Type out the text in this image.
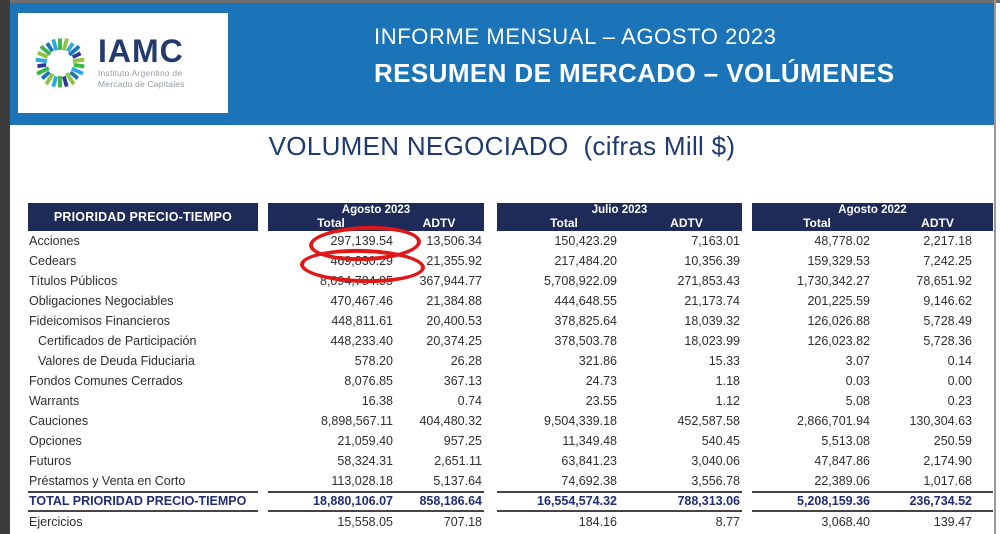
IAMC
Instituto Argentino de
Mercado de Capitales
INFORME MENSUAL – AGOSTO 2023
RESUMEN DE MERCADO – VOLÚMENES
VOLUMEN NEGOCIADO  (cifras Mill $)
PRIORIDAD PRECIO-TIEMPO	Agosto 2023
Total	ADTV
Julio 2023
Total	ADTV
Agosto 2022
Total	ADTV
Acciones	297,139.54	13,506.34	150,423.29	7,163.01	48,778.02	2,217.18
Cedears	469,830.29	21,355.92	217,484.20	10,356.39	159,329.53	7,242.25
Títulos Públicos	8,094,784.95	367,944.77	5,708,922.09	271,853.43	1,730,342.27	78,651.92
Obligaciones Negociables	470,467.46	21,384.88	444,648.55	21,173.74	201,225.59	9,146.62
Fideicomisos Financieros	448,811.61	20,400.53	378,825.64	18,039.32	126,026.88	5,728.49
Certificados de Participación	448,233.40	20,374.25	378,503.78	18,023.99	126,023.82	5,728.36
Valores de Deuda Fiduciaria	578.20	26.28	321.86	15.33	3.07	0.14
Fondos Comunes Cerrados	8,076.85	367.13	24.73	1.18	0.03	0.00
Warrants	16.38	0.74	23.55	1.12	5.08	0.23
Cauciones	8,898,567.11	404,480.32	9,504,339.18	452,587.58	2,866,701.94	130,304.63
Opciones	21,059.40	957.25	11,349.48	540.45	5,513.08	250.59
Futuros	58,324.31	2,651.11	63,841.23	3,040.06	47,847.86	2,174.90
Préstamos y Venta en Corto	113,028.18	5,137.64	74,692.38	3,556.78	22,389.06	1,017.68
TOTAL PRIORIDAD PRECIO-TIEMPO	18,880,106.07	858,186.64	16,554,574.32	788,313.06	5,208,159.36	236,734.52
Ejercicios	15,558.05	707.18	184.16	8.77	3,068.40	139.47
